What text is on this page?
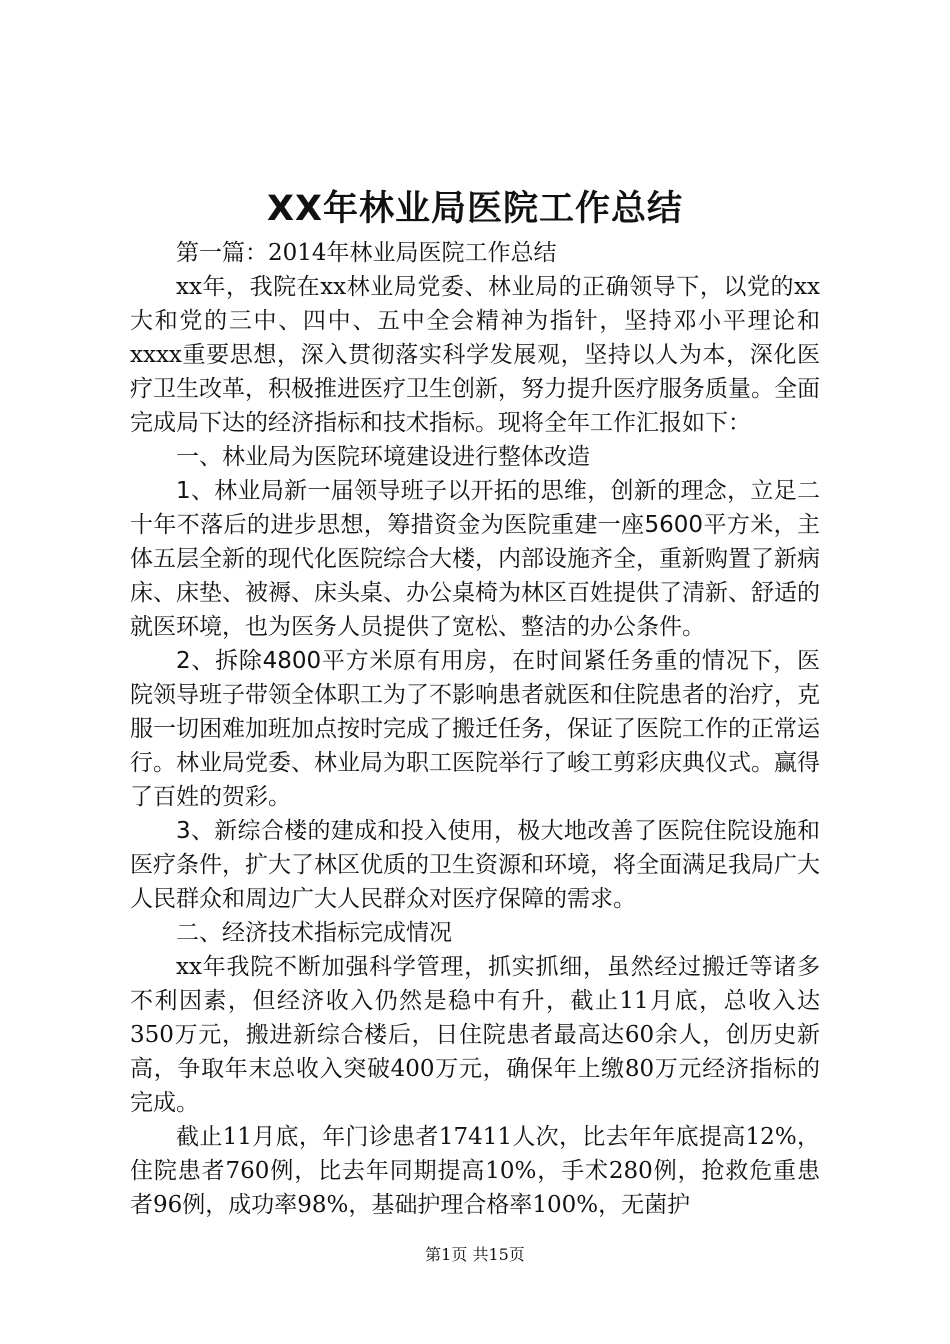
XX年林业局医院工作总结

第一篇：2014年林业局医院工作总结

xx年，我院在xx林业局党委、林业局的正确领导下，以党的xx大和党的三中、四中、五中全会精神为指针，坚持邓小平理论和xxxx重要思想，深入贯彻落实科学发展观，坚持以人为本，深化医疗卫生改革，积极推进医疗卫生创新，努力提升医疗服务质量。全面完成局下达的经济指标和技术指标。现将全年工作汇报如下：

一、林业局为医院环境建设进行整体改造

1、林业局新一届领导班子以开拓的思维，创新的理念，立足二十年不落后的进步思想，筹措资金为医院重建一座5600平方米，主体五层全新的现代化医院综合大楼，内部设施齐全，重新购置了新病床、床垫、被褥、床头桌、办公桌椅为林区百姓提供了清新、舒适的就医环境，也为医务人员提供了宽松、整洁的办公条件。

2、拆除4800平方米原有用房，在时间紧任务重的情况下，医院领导班子带领全体职工为了不影响患者就医和住院患者的治疗，克服一切困难加班加点按时完成了搬迁任务，保证了医院工作的正常运行。林业局党委、林业局为职工医院举行了峻工剪彩庆典仪式。赢得了百姓的贺彩。

3、新综合楼的建成和投入使用，极大地改善了医院住院设施和医疗条件，扩大了林区优质的卫生资源和环境，将全面满足我局广大人民群众和周边广大人民群众对医疗保障的需求。

二、经济技术指标完成情况

xx年我院不断加强科学管理，抓实抓细，虽然经过搬迁等诸多不利因素，但经济收入仍然是稳中有升，截止11月底，总收入达350万元，搬进新综合楼后，日住院患者最高达60余人，创历史新高，争取年末总收入突破400万元，确保年上缴80万元经济指标的完成。

截止11月底，年门诊患者17411人次，比去年年底提高12%，住院患者760例，比去年同期提高10%，手术280例，抢救危重患者96例，成功率98%，基础护理合格率100%，无菌护

第1页 共15页
